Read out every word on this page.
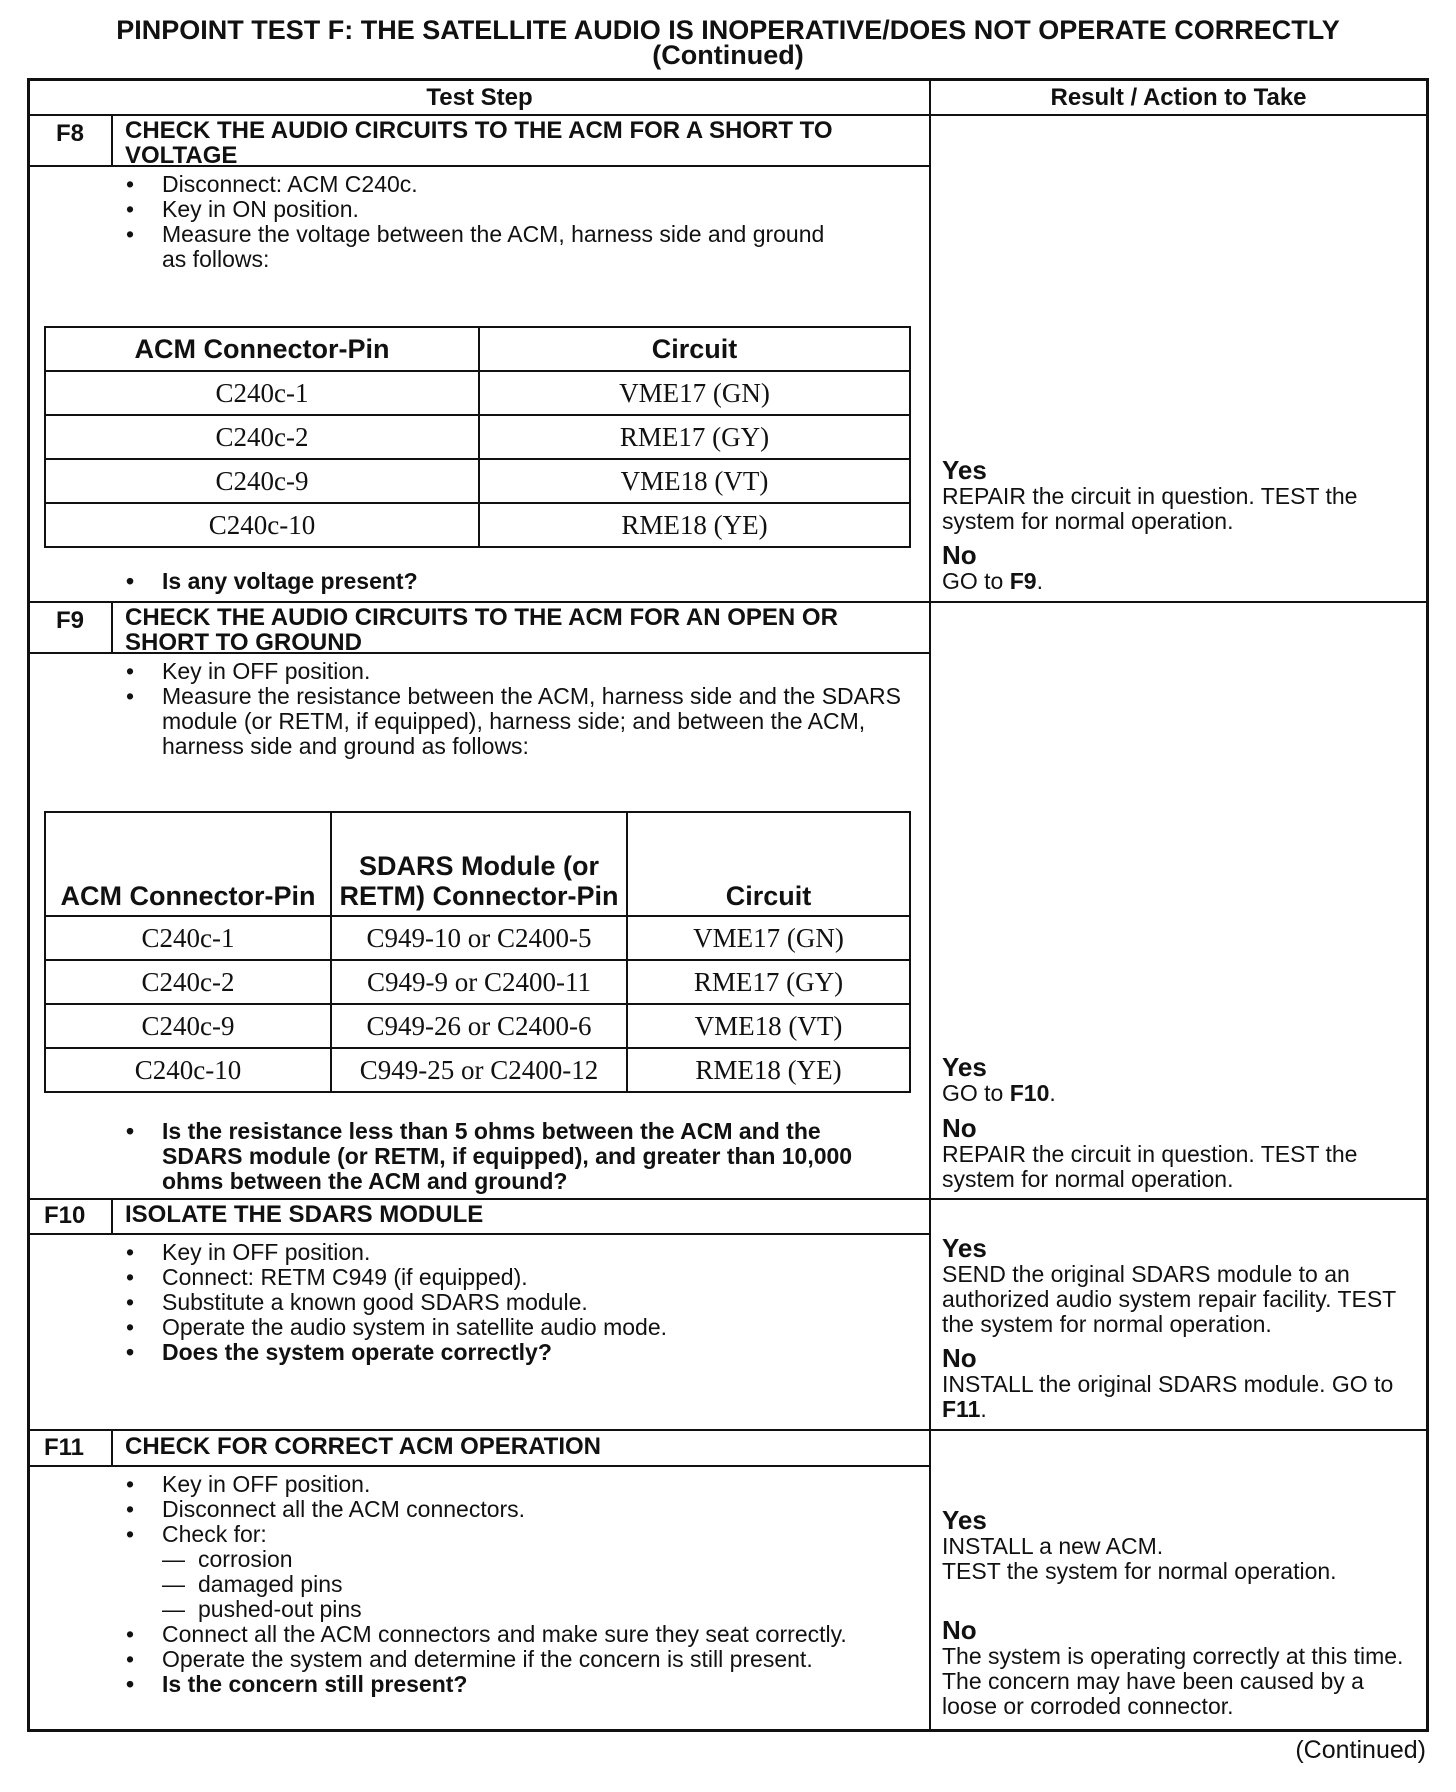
PINPOINT TEST F: THE SATELLITE AUDIO IS INOPERATIVE/DOES NOT OPERATE CORRECTLY
(Continued)
Test Step	Result / Action to Take
F8 CHECK THE AUDIO CIRCUITS TO THE ACM FOR A SHORT TO VOLTAGE
• Disconnect: ACM C240c.
• Key in ON position.
• Measure the voltage between the ACM, harness side and ground as follows:
ACM Connector-Pin	Circuit
C240c-1	VME17 (GN)
C240c-2	RME17 (GY)
C240c-9	VME18 (VT)
C240c-10	RME18 (YE)
• Is any voltage present?
Yes
REPAIR the circuit in question. TEST the system for normal operation.
No
GO to F9.
F9 CHECK THE AUDIO CIRCUITS TO THE ACM FOR AN OPEN OR SHORT TO GROUND
• Key in OFF position.
• Measure the resistance between the ACM, harness side and the SDARS module (or RETM, if equipped), harness side; and between the ACM, harness side and ground as follows:
ACM Connector-Pin	SDARS Module (or RETM) Connector-Pin	Circuit
C240c-1	C949-10 or C2400-5	VME17 (GN)
C240c-2	C949-9 or C2400-11	RME17 (GY)
C240c-9	C949-26 or C2400-6	VME18 (VT)
C240c-10	C949-25 or C2400-12	RME18 (YE)
• Is the resistance less than 5 ohms between the ACM and the SDARS module (or RETM, if equipped), and greater than 10,000 ohms between the ACM and ground?
Yes
GO to F10.
No
REPAIR the circuit in question. TEST the system for normal operation.
F10 ISOLATE THE SDARS MODULE
• Key in OFF position.
• Connect: RETM C949 (if equipped).
• Substitute a known good SDARS module.
• Operate the audio system in satellite audio mode.
• Does the system operate correctly?
Yes
SEND the original SDARS module to an authorized audio system repair facility. TEST the system for normal operation.
No
INSTALL the original SDARS module. GO to F11.
F11 CHECK FOR CORRECT ACM OPERATION
• Key in OFF position.
• Disconnect all the ACM connectors.
• Check for:
— corrosion
— damaged pins
— pushed-out pins
• Connect all the ACM connectors and make sure they seat correctly.
• Operate the system and determine if the concern is still present.
• Is the concern still present?
Yes
INSTALL a new ACM.
TEST the system for normal operation.
No
The system is operating correctly at this time. The concern may have been caused by a loose or corroded connector.
(Continued)
